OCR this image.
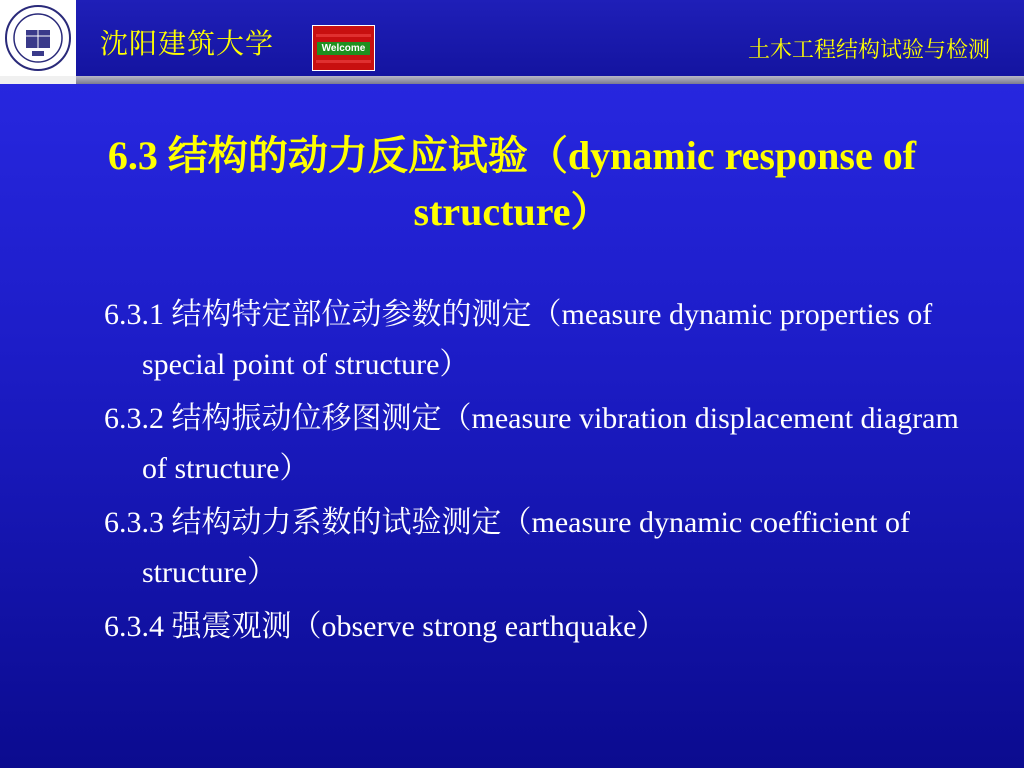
沈阳建筑大学	Welcome	土木工程结构试验与检测
6.3 结构的动力反应试验（dynamic response of structure）
6.3.1 结构特定部位动参数的测定（measure dynamic properties of special point of structure）
6.3.2 结构振动位移图测定（measure vibration displacement diagram of structure）
6.3.3 结构动力系数的试验测定（measure dynamic coefficient of structure）
6.3.4 强震观测（observe strong earthquake）
